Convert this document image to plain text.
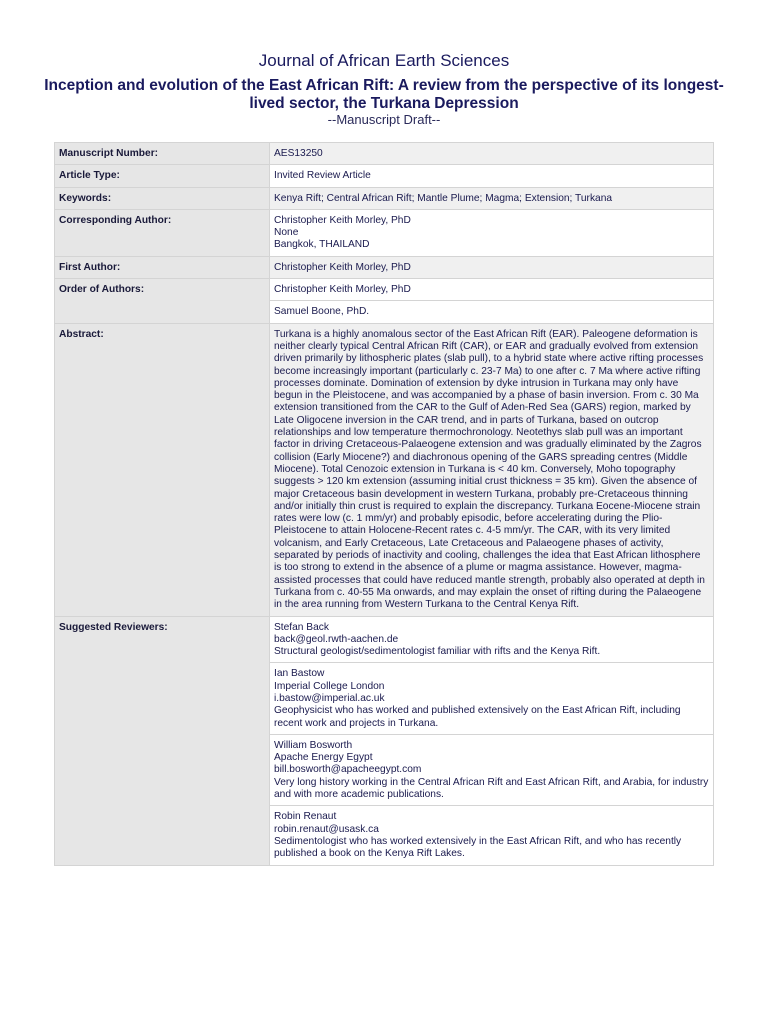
Journal of African Earth Sciences
Inception and evolution of the East African Rift: A review from the perspective of its longest-lived sector, the Turkana Depression
--Manuscript Draft--
Manuscript Number:	AES13250
Article Type:	Invited Review Article
Keywords:	Kenya Rift; Central African Rift; Mantle Plume; Magma; Extension; Turkana
Corresponding Author:	Christopher Keith Morley, PhD
None
Bangkok, THAILAND

First Author:	Christopher Keith Morley, PhD
Order of Authors:	Christopher Keith Morley, PhD
	Samuel Boone, PhD.
Abstract:	Turkana is a highly anomalous sector of the East African Rift (EAR). Paleogene deformation is neither clearly typical Central African Rift (CAR), or EAR and gradually evolved from extension driven primarily by lithospheric plates (slab pull), to a hybrid state where active rifting processes become increasingly important (particularly c. 23-7 Ma) to one after c. 7 Ma where active rifting processes dominate. Domination of extension by dyke intrusion in Turkana may only have begun in the Pleistocene, and was accompanied by a phase of basin inversion. From c. 30 Ma extension transitioned from the CAR to the Gulf of Aden-Red Sea (GARS) region, marked by Late Oligocene inversion in the CAR trend, and in parts of Turkana, based on outcrop relationships and low temperature thermochronology. Neotethys slab pull was an important factor in driving Cretaceous-Palaeogene extension and was gradually eliminated by the Zagros collision (Early Miocene?) and diachronous opening of the GARS spreading centres (Middle Miocene). Total Cenozoic extension in Turkana is < 40 km. Conversely, Moho topography suggests > 120 km extension (assuming initial crust thickness = 35 km). Given the absence of major Cretaceous basin development in western Turkana, probably pre-Cretaceous thinning and/or initially thin crust is required to explain the discrepancy. Turkana Eocene-Miocene strain rates were low (c. 1 mm/yr) and probably episodic, before accelerating during the Plio-Pleistocene to attain Holocene-Recent rates c. 4-5 mm/yr. The CAR, with its very limited volcanism, and Early Cretaceous, Late Cretaceous and Palaeogene phases of activity, separated by periods of inactivity and cooling, challenges the idea that East African lithosphere is too strong to extend in the absence of a plume or magma assistance. However, magma-assisted processes that could have reduced mantle strength, probably also operated at depth in Turkana from c. 40-55 Ma onwards, and may explain the onset of rifting during the Palaeogene in the area running from Western Turkana to the Central Kenya Rift.
Suggested Reviewers:	Stefan Back
back@geol.rwth-aachen.de
Structural geologist/sedimentologist familiar with rifts and the Kenya Rift.

	Ian Bastow
Imperial College London
i.bastow@imperial.ac.uk
Geophysicist who has worked and published extensively on the East African Rift, including recent work and projects in Turkana.

	William Bosworth
Apache Energy Egypt
bill.bosworth@apacheegypt.com
Very long history working in the Central African Rift and East African Rift, and Arabia, for industry and with more academic publications.

	Robin Renaut
robin.renaut@usask.ca
Sedimentologist who has worked extensively in the East African Rift, and who has recently published a book on the Kenya Rift Lakes.
